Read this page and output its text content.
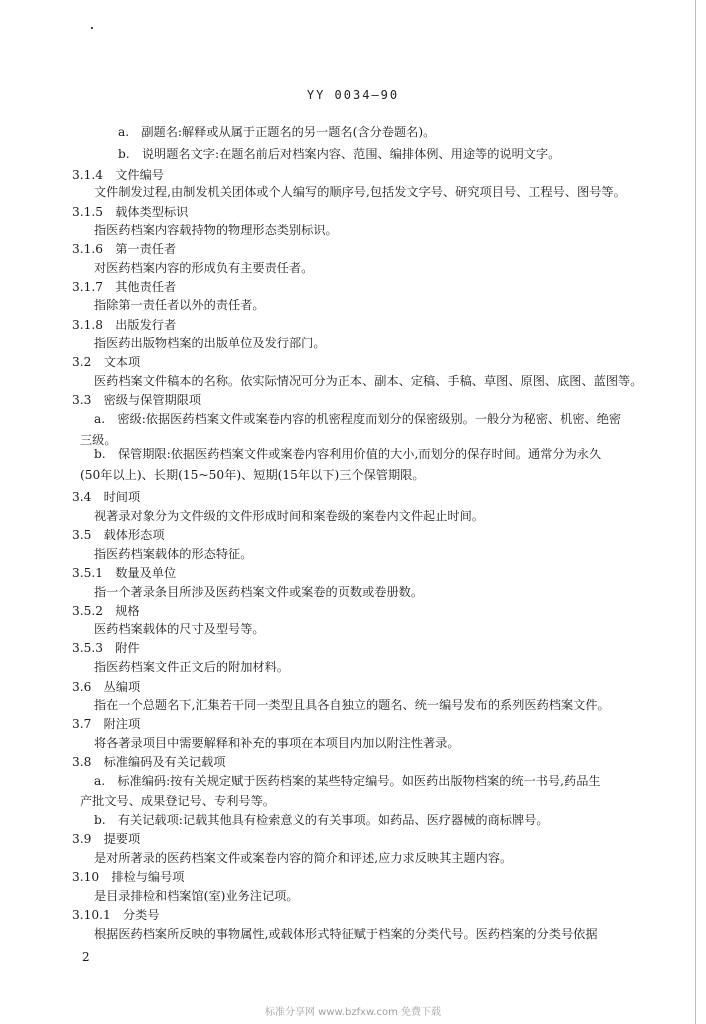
·
YY 0034—90
a.　副题名:解释或从属于正题名的另一题名(含分卷题名)。
b.　说明题名文字:在题名前后对档案内容、范围、编排体例、用途等的说明文字。
3.1.4　文件编号
文件制发过程,由制发机关团体或个人编写的顺序号,包括发文字号、研究项目号、工程号、图号等。
3.1.5　载体类型标识
指医药档案内容载持物的物理形态类别标识。
3.1.6　第一责任者
对医药档案内容的形成负有主要责任者。
3.1.7　其他责任者
指除第一责任者以外的责任者。
3.1.8　出版发行者
指医药出版物档案的出版单位及发行部门。
3.2　文本项
医药档案文件稿本的名称。依实际情况可分为正本、副本、定稿、手稿、草图、原图、底图、蓝图等。
3.3　密级与保管期限项
a.　密级:依据医药档案文件或案卷内容的机密程度而划分的保密级别。一般分为秘密、机密、绝密
三级。
b.　保管期限:依据医药档案文件或案卷内容利用价值的大小,而划分的保存时间。通常分为永久
(50年以上)、长期(15~50年)、短期(15年以下)三个保管期限。
3.4　时间项
视著录对象分为文件级的文件形成时间和案卷级的案卷内文件起止时间。
3.5　载体形态项
指医药档案载体的形态特征。
3.5.1　数量及单位
指一个著录条目所涉及医药档案文件或案卷的页数或卷册数。
3.5.2　规格
医药档案载体的尺寸及型号等。
3.5.3　附件
指医药档案文件正文后的附加材料。
3.6　丛编项
指在一个总题名下,汇集若干同一类型且具各自独立的题名、统一编号发布的系列医药档案文件。
3.7　附注项
将各著录项目中需要解释和补充的事项在本项目内加以附注性著录。
3.8　标准编码及有关记载项
a.　标准编码:按有关规定赋于医药档案的某些特定编号。如医药出版物档案的统一书号,药品生
产批文号、成果登记号、专利号等。
b.　有关记载项:记载其他具有检索意义的有关事项。如药品、医疗器械的商标牌号。
3.9　提要项
是对所著录的医药档案文件或案卷内容的简介和评述,应力求反映其主题内容。
3.10　排检与编号项
是目录排检和档案馆(室)业务注记项。
3.10.1　分类号
根据医药档案所反映的事物属性,或载体形式特征赋于档案的分类代号。医药档案的分类号依据
2
标准分享网 www.bzfxw.com 免费下载
